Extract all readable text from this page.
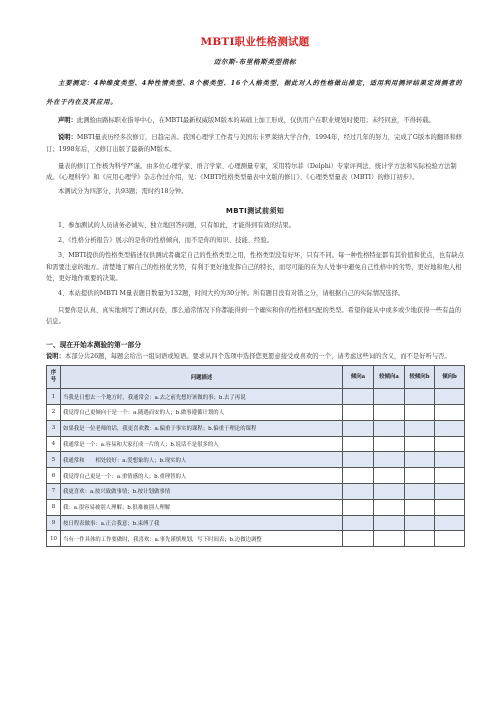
MBTI职业性格测试题
迈尔斯-布里格斯类型指标
主要测定：4种维度类型、4种性情类型、8个极类型、16个人格类型，据此对人的性格做出推定，适用利用测评结果定岗测者的外在于内在及其应用。

声明：此测验由路标职业指导中心，在MBTI最新权威版M版本的基础上加工形成，仅供用户在职业规划时使用；未经同意，不得转载。

说明：MBTI量表历经多次修订，日趋完善。我国心理学工作者与美国东卡罗莱纳大学合作，1994年，经过几年的努力，完成了G版本的翻译和修订；1998年后，又修订出版了最新的M版本。

量表的修订工作极为科学严谨。由多位心理学家、语言学家、心理测量专家，采用特尔菲（Delphi）专家评判法、统计学方法和实际检验方法制成。《心理科学》和《应用心理学》杂志作过介绍，见：《MBTI性格类型量表中文版的修订》、《心理类型量表（MBTI）的修订初步》。

本测试分为四部分，共93题；需时约18分钟。

MBTI测试前须知

1、参加测试的人员请务必诚实、独立地回答问题，只有如此，才能得到有效的结果。

2、《性格分析报告》展示的是你的性格倾向，而不是你的知识、技能、经验。

3、MBTI提供的性格类型描述仅供测试者确定自己的性格类型之用，性格类型没有好坏，只有不同。每一种性格特征都有其价值和优点，也有缺点和需要注意的地方。清楚地了解自己的性格优劣势，有利于更好地发挥自己的特长，而尽可能的在为人处事中避免自己性格中的劣势，更好地和他人相处，更好地作重要的决策。

4、本站提供的MBTI M量表题目数量为132题，时间大约为30分钟。所有题目没有对错之分，请根据自己的实际情况选择。

只要你是认真、真实地填写了测试问卷，那么通常情况下你都能得到一个确实和你的性格相匹配的类型。希望你能从中或多或少地获得一些有益的信息。

一、现在开始本测验的第一部分

说明：本部分共26题，每题会给出一组词语或短语。要求从四个选项中选择您更愿意接受或喜欢的一个，请考虑这些词的含义，而不是好听与否。

序号	问题描述	倾向a	较倾向a	较倾向b	倾向b
1	当我是日想去一个地方时，我通常会：a.去之前先想好该做的事；b.去了再说				
2	我觉得自己更倾向于是一个：a.随遇而安的人；b.做事遵循计划的人				
3	如果我是一位老师的话，我更喜欢教：a.偏重于事实的课程；b.偏重于理论的课程				
4	我通常是一个：a.容易和大家打成一片的人；b.说话不是很多的人				
5	我通常和　　相处较好：a.爱想象的人；b.现实的人				
6	我觉得自己更是一个：a.重情感的人；b.重理智的人				
7	我更喜欢：a.按兴致做事情；b.按计划做事情				
8	我：a.很容易被别人理解；b.很难被别人理解				
9	按日程表做事：a.正合我意；b.束缚了我				
10	当有一件具体的工作要做时，我喜欢：a.事先谨慎规划，写下时间表；b.边做边调整				
